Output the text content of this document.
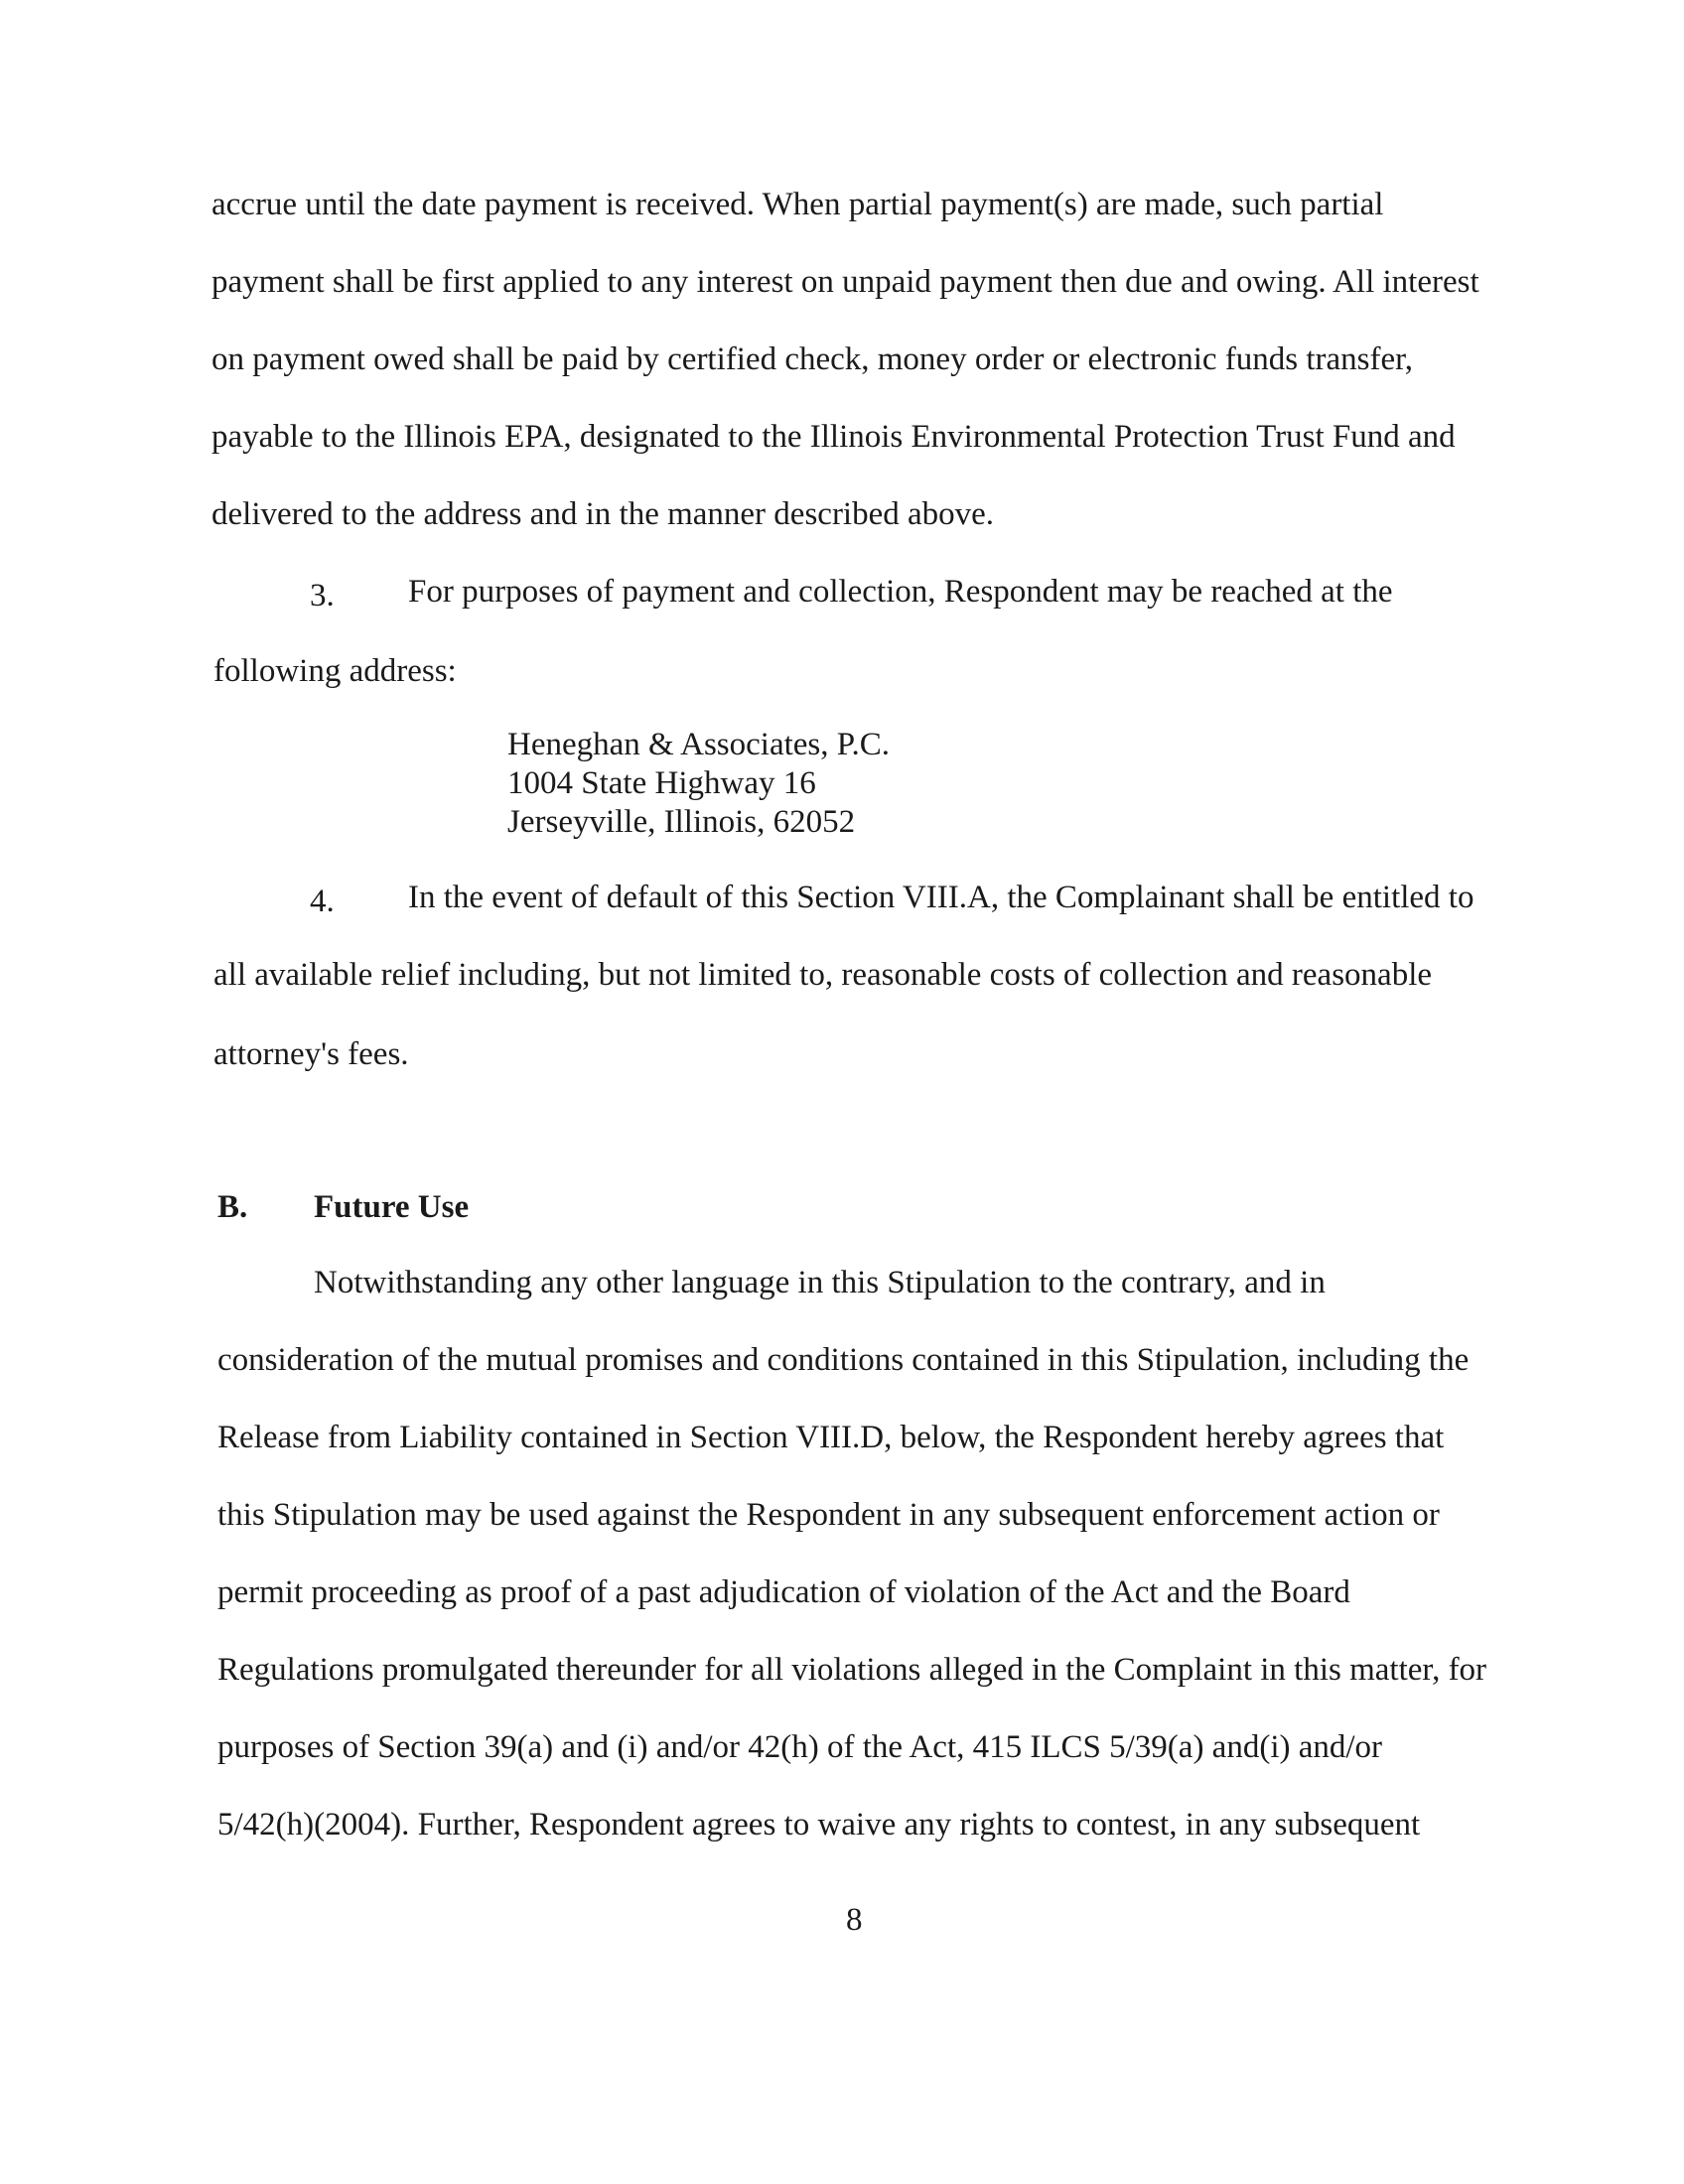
accrue until the date payment is received. When partial payment(s) are made, such partial
payment shall be first applied to any interest on unpaid payment then due and owing. All interest
on payment owed shall be paid by certified check, money order or electronic funds transfer,
payable to the Illinois EPA, designated to the Illinois Environmental Protection Trust Fund and
delivered to the address and in the manner described above.
3. For purposes of payment and collection, Respondent may be reached at the
following address:
Heneghan & Associates, P.C.
1004 State Highway 16
Jerseyville, Illinois, 62052
4. In the event of default of this Section VIII.A, the Complainant shall be entitled to
all available relief including, but not limited to, reasonable costs of collection and reasonable
attorney's fees.
B. Future Use
Notwithstanding any other language in this Stipulation to the contrary, and in
consideration of the mutual promises and conditions contained in this Stipulation, including the
Release from Liability contained in Section VIII.D, below, the Respondent hereby agrees that
this Stipulation may be used against the Respondent in any subsequent enforcement action or
permit proceeding as proof of a past adjudication of violation of the Act and the Board
Regulations promulgated thereunder for all violations alleged in the Complaint in this matter, for
purposes of Section 39(a) and (i) and/or 42(h) of the Act, 415 ILCS 5/39(a) and(i) and/or
5/42(h)(2004). Further, Respondent agrees to waive any rights to contest, in any subsequent
8
